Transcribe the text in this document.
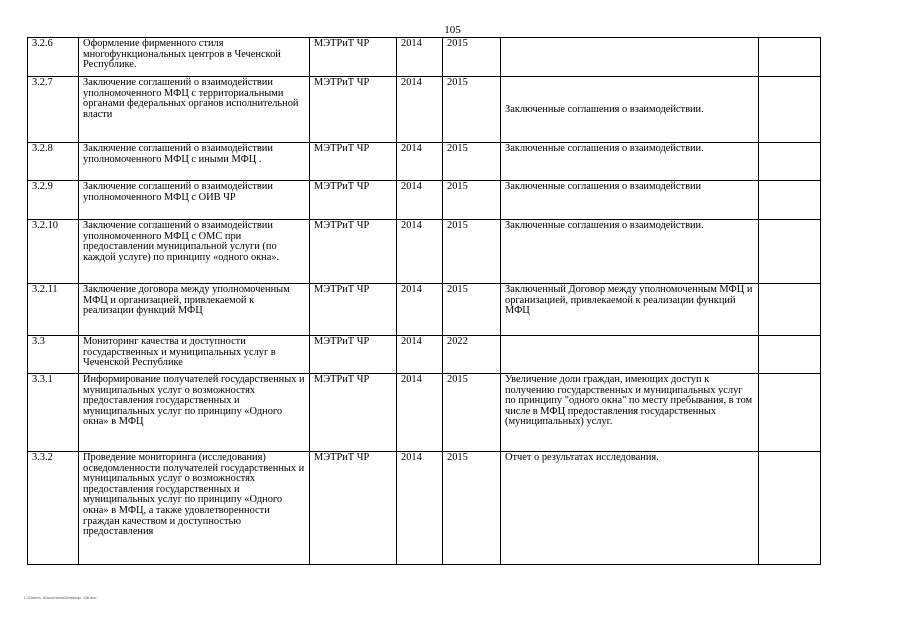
105
3.2.6	Оформление фирменного стиля многофункциональных центров в Чеченской Республике.	МЭТРиТ ЧР	2014	2015		
3.2.7	Заключение соглашений о взаимодействии уполномоченного МФЦ с территориальными органами федеральных органов исполнительной власти	МЭТРиТ ЧР	2014	2015	Заключенные соглашения о взаимодействии.	
3.2.8	Заключение соглашений о взаимодействии уполномоченного МФЦ с иными МФЦ .	МЭТРиТ ЧР	2014	2015	Заключенные соглашения о взаимодействии.	
3.2.9	Заключение соглашений о взаимодействии уполномоченного МФЦ с ОИВ ЧР	МЭТРиТ ЧР	2014	2015	Заключенные соглашения о взаимодействии	
3.2.10	Заключение соглашений о взаимодействии уполномоченного МФЦ с ОМС при предоставлении муниципальной услуги (по каждой услуге) по принципу «одного окна».	МЭТРиТ ЧР	2014	2015	Заключенные соглашения о взаимодействии.	
3.2.11	Заключение договора между уполномоченным МФЦ и организацией, привлекаемой к реализации функций МФЦ	МЭТРиТ ЧР	2014	2015	Заключенный Договор между уполномоченным МФЦ и организацией, привлекаемой к реализации функций МФЦ	
3.3	Мониторинг качества и доступности государственных и муниципальных услуг в Чеченской Республике	МЭТРиТ ЧР	2014	2022		
3.3.1	Информирование получателей государственных и муниципальных услуг о возможностях предоставления государственных и муниципальных услуг по принципу «Одного окна» в МФЦ	МЭТРиТ ЧР	2014	2015	Увеличение доли граждан, имеющих доступ к получению государственных и муниципальных услуг по принципу "одного окна" по месту пребывания, в том числе в МФЦ предоставления государственных (муниципальных) услуг.	
3.3.2	Проведение мониторинга (исследования) осведомленности получателей государственных и муниципальных услуг о возможностях предоставления государственных и муниципальных услуг по принципу «Одного окна» в МФЦ, а также удовлетворенности граждан качеством и доступностью предоставления	МЭТРиТ ЧР	2014	2015	Отчет о результатах исследования.	
C:\Users\..\Documents\Desktop\..\06.doc
